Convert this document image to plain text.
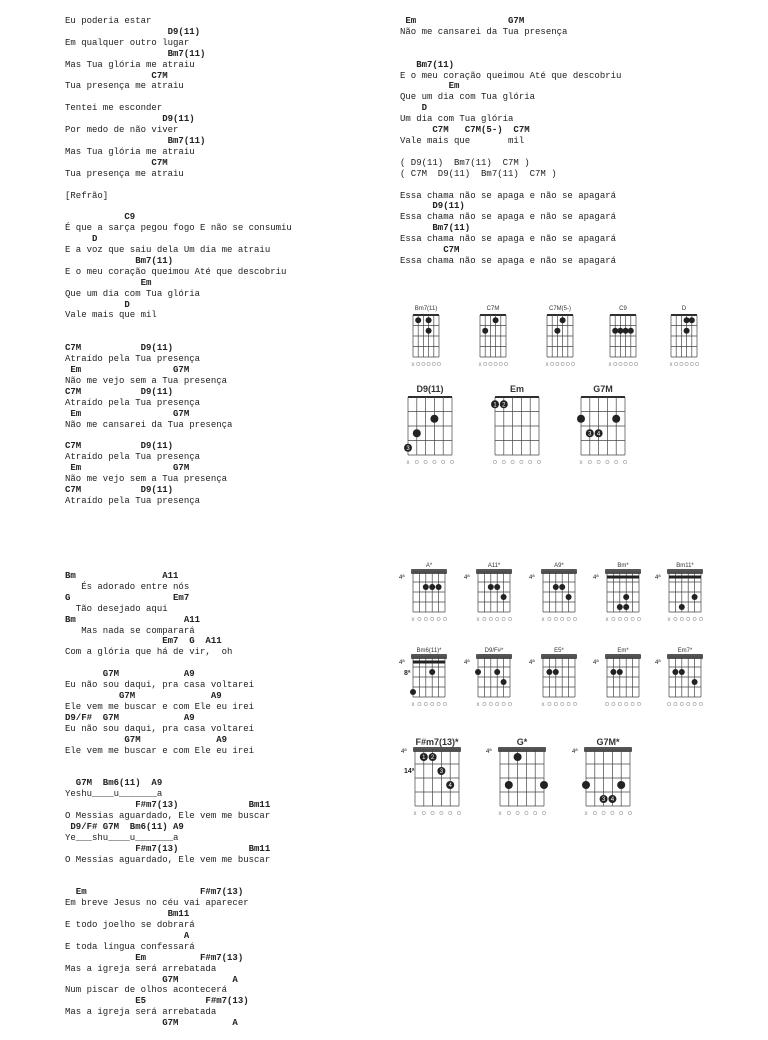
Eu poderia estar
D9(11)
Em qualquer outro lugar
Bm7(11)
Mas Tua glória me atraiu
C7M
Tua presença me atraiu

Tentei me esconder
D9(11)
Por medo de não viver
Bm7(11)
Mas Tua glória me atraiu
C7M
Tua presença me atraiu

[Refrão]

C9
É que a sarça pegou fogo E não se consumiu
D
E a voz que saiu dela Um dia me atraiu
Bm7(11)
E o meu coração queimou Até que descobriu
Em
Que um dia com Tua glória
D
Vale mais que mil

C7M           D9(11)
Atraído pela Tua presença
Em                 G7M
Não me vejo sem a Tua presença
C7M           D9(11)
Atraído pela Tua presença
Em                 G7M
Não me cansarei da Tua presença

C7M           D9(11)
Atraído pela Tua presença
Em                 G7M
Não me vejo sem a Tua presença
C7M           D9(11)
Atraído pela Tua presença
Em                 G7M
Não me cansarei da Tua presença

Bm7(11)
E o meu coração queimou Até que descobriu
Em
Que um dia com Tua glória
D
Um dia com Tua glória
C7M   C7M(5-)  C7M
Vale mais que       mil

( D9(11)  Bm7(11)  C7M )
( C7M  D9(11)  Bm7(11)  C7M )

Essa chama não se apaga e não se apagará
D9(11)
Essa chama não se apaga e não se apagará
Bm7(11)
Essa chama não se apaga e não se apagará
C7M
Essa chama não se apaga e não se apagará
Bm7(11)
x
C7M
x
C7M(5-)
x
C9
x
D
x
D9(11)
3
x
Em
1 2
G7M
3 4
x
Bm                A11
És adorado entre nós
G                   Em7
Tão desejado aqui
Bm                    A11
Mas nada se comparará
Em7  G  A11
Com a glória que há de vir,  oh

G7M            A9
Eu não sou daqui, pra casa voltarei
G7M              A9
Ele vem me buscar e com Ele eu irei
D9/F#  G7M            A9
Eu não sou daqui, pra casa voltarei
G7M              A9
Ele vem me buscar e com Ele eu irei

G7M  Bm6(11)  A9
Yeshu____u_______a
F#m7(13)             Bm11
O Messias aguardado, Ele vem me buscar
D9/F# G7M  Bm6(11) A9
Ye___shu____u_______a
F#m7(13)             Bm11
O Messias aguardado, Ele vem me buscar

Em                     F#m7(13)
Em breve Jesus no céu vai aparecer
Bm11
E todo joelho se dobrará
A
E toda língua confessará
Em          F#m7(13)
Mas a igreja será arrebatada
G7M          A
Num piscar de olhos acontecerá
E5           F#m7(13)
Mas a igreja será arrebatada
G7M          A

A*
x
4ª
A11*
x
4ª
A9*
x
4ª
Bm*
x
4ª
Bm11*
x
4ª
Bm6(11)*
x
4ª
D9/F#*
x
4ª
E5*
x
4ª
Em*
4ª
Em7*
4ª
F#m7(13)*
1 2
3
4
x
4ª
G*
x
4ª
G7M*
3 4
x
4ª
8ª
14ª
